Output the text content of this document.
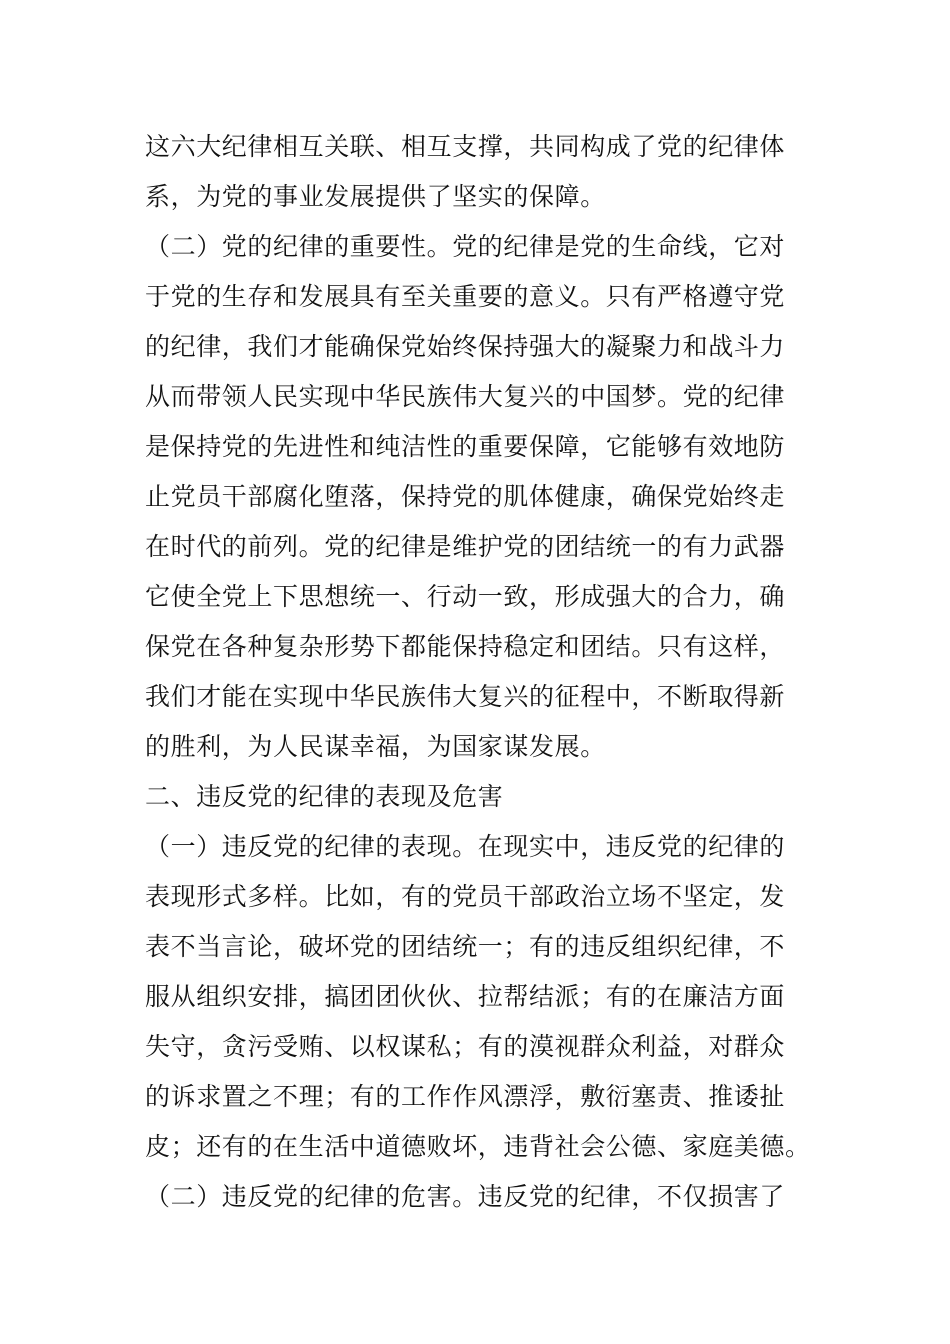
这六大纪律相互关联、相互支撑，共同构成了党的纪律体
系，为党的事业发展提供了坚实的保障。
（二）党的纪律的重要性。党的纪律是党的生命线，它对
于党的生存和发展具有至关重要的意义。只有严格遵守党
的纪律，我们才能确保党始终保持强大的凝聚力和战斗力
从而带领人民实现中华民族伟大复兴的中国梦。党的纪律
是保持党的先进性和纯洁性的重要保障，它能够有效地防
止党员干部腐化堕落，保持党的肌体健康，确保党始终走
在时代的前列。党的纪律是维护党的团结统一的有力武器
它使全党上下思想统一、行动一致，形成强大的合力，确
保党在各种复杂形势下都能保持稳定和团结。只有这样，
我们才能在实现中华民族伟大复兴的征程中，不断取得新
的胜利，为人民谋幸福，为国家谋发展。
二、违反党的纪律的表现及危害
（一）违反党的纪律的表现。在现实中，违反党的纪律的
表现形式多样。比如，有的党员干部政治立场不坚定，发
表不当言论，破坏党的团结统一；有的违反组织纪律，不
服从组织安排，搞团团伙伙、拉帮结派；有的在廉洁方面
失守，贪污受贿、以权谋私；有的漠视群众利益，对群众
的诉求置之不理；有的工作作风漂浮，敷衍塞责、推诿扯
皮；还有的在生活中道德败坏，违背社会公德、家庭美德。
（二）违反党的纪律的危害。违反党的纪律，不仅损害了
